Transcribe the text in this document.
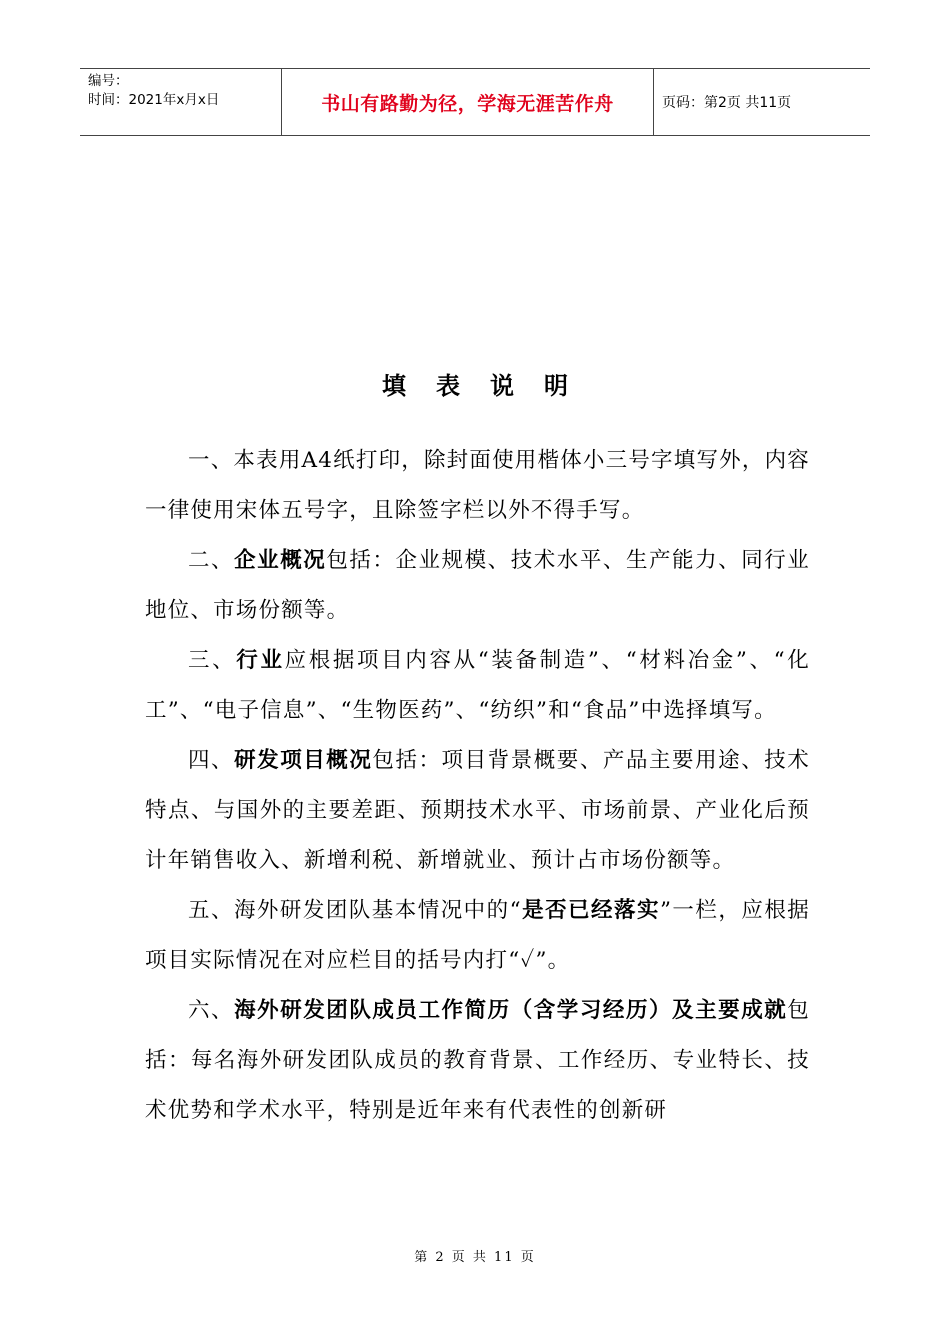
编号：
时间：2021年x月x日	书山有路勤为径，学海无涯苦作舟	页码：第2页 共11页
填表说明

一、本表用A4纸打印，除封面使用楷体小三号字填写外，内容一律使用宋体五号字，且除签字栏以外不得手写。

二、企业概况包括：企业规模、技术水平、生产能力、同行业地位、市场份额等。

三、行业应根据项目内容从“装备制造”、“材料冶金”、“化工”、“电子信息”、“生物医药”、“纺织”和“食品”中选择填写。

四、研发项目概况包括：项目背景概要、产品主要用途、技术特点、与国外的主要差距、预期技术水平、市场前景、产业化后预计年销售收入、新增利税、新增就业、预计占市场份额等。

五、海外研发团队基本情况中的“是否已经落实”一栏，应根据项目实际情况在对应栏目的括号内打“✓”。

六、海外研发团队成员工作简历（含学习经历）及主要成就包括：每名海外研发团队成员的教育背景、工作经历、专业特长、技术优势和学术水平，特别是近年来有代表性的创新研

第 2 页 共 11 页
